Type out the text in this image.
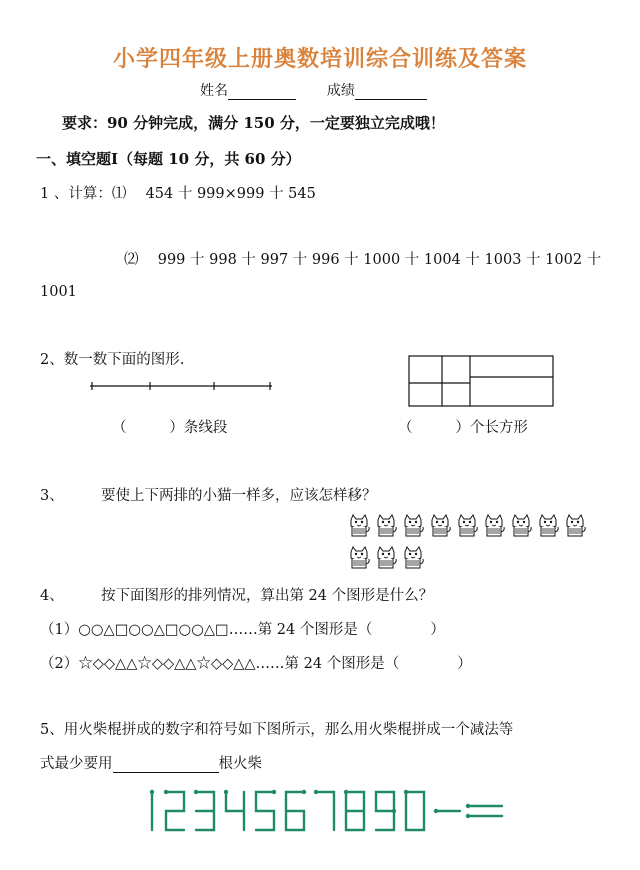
小学四年级上册奥数培训综合训练及答案
姓名	成绩
要求：90 分钟完成，满分 150 分，一定要独立完成哦！
一、填空题Ⅰ（每题 10 分，共 60 分）
1 、计算：⑴ 454 十 999×999 十 545
⑵ 999 十 998 十 997 十 996 十 1000 十 1004 十 1003 十 1002 十
1001
2、数一数下面的图形.
（ 　 　 ）条线段	（ 　 　 ）个长方形
3、	要使上下两排的小猫一样多，应该怎样移？
4、	按下面图形的排列情况，算出第 24 个图形是什么？
（1）○○△□○○△□○○△□……第 24 个图形是（　　　　）
（2）☆◇◇△△☆◇◇△△☆◇◇△△……第 24 个图形是（　　　　）
5、用火柴棍拼成的数字和符号如下图所示，那么用火柴棍拼成一个减法等
式最少要用	根火柴
